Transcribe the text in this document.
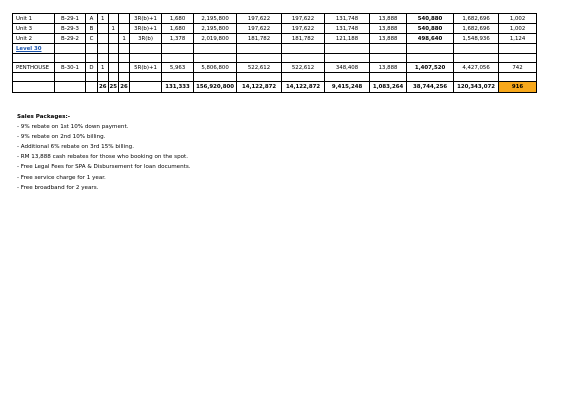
Unit 1	B-29-1	A	1			3R(b)+1	1,680	2,195,800	197,622	197,622	131,748	13,888	540,880	1,682,696	1,002
Unit 3	B-29-3	B		1		3R(b)+1	1,680	2,195,800	197,622	197,622	131,748	13,888	540,880	1,682,696	1,002
Unit 2	B-29-2	C			1	3R(b)	1,378	2,019,800	181,782	181,782	121,188	13,888	498,640	1,548,936	1,124
Level 30															

PENTHOUSE	B-30-1	D	1			5R(b)+1	5,963	5,806,800	522,612	522,612	348,408	13,888	1,407,520	4,427,056	742

			26	25	26		131,333	156,920,800	14,122,872	14,122,872	9,415,248	1,083,264	38,744,256	120,343,072	916
Sales Packages:-
- 9% rebate on 1st 10% down payment.
- 9% rebate on 2nd 10% billing.
- Additional 6% rebate on 3rd 15% billing.
- RM 13,888 cash rebates for those who booking on the spot.
- Free Legal Fees for SPA & Disbursement for loan documents.
- Free service charge for 1 year.
- Free broadband for 2 years.
